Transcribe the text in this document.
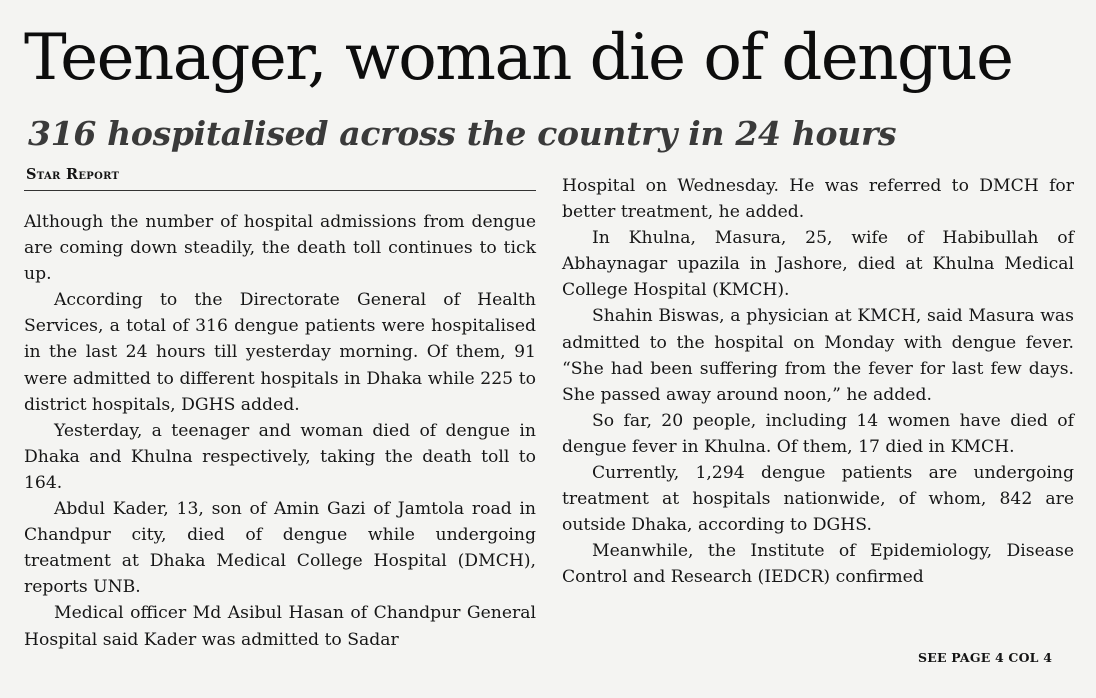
Teenager, woman die of dengue
316 hospitalised across the country in 24 hours
Star Report

Although the number of hospital admissions from dengue are coming down steadily, the death toll continues to tick up.

According to the Directorate General of Health Services, a total of 316 dengue patients were hospitalised in the last 24 hours till yesterday morning. Of them, 91 were admitted to different hospitals in Dhaka while 225 to district hospitals, DGHS added.

Yesterday, a teenager and woman died of dengue in Dhaka and Khulna respectively, taking the death toll to 164.

Abdul Kader, 13, son of Amin Gazi of Jamtola road in Chandpur city, died of dengue while undergoing treatment at Dhaka Medical College Hospital (DMCH), reports UNB.

Medical officer Md Asibul Hasan of Chandpur General Hospital said Kader was admitted to Sadar

Hospital on Wednesday. He was referred to DMCH for better treatment, he added.

In Khulna, Masura, 25, wife of Habibullah of Abhaynagar upazila in Jashore, died at Khulna Medical College Hospital (KMCH).

Shahin Biswas, a physician at KMCH, said Masura was admitted to the hospital on Monday with dengue fever. “She had been suffering from the fever for last few days. She passed away around noon,” he added.

So far, 20 people, including 14 women have died of dengue fever in Khulna. Of them, 17 died in KMCH.

Currently, 1,294 dengue patients are undergoing treatment at hospitals nationwide, of whom, 842 are outside Dhaka, according to DGHS.

Meanwhile, the Institute of Epidemiology, Disease Control and Research (IEDCR) confirmed

SEE PAGE 4 COL 4
